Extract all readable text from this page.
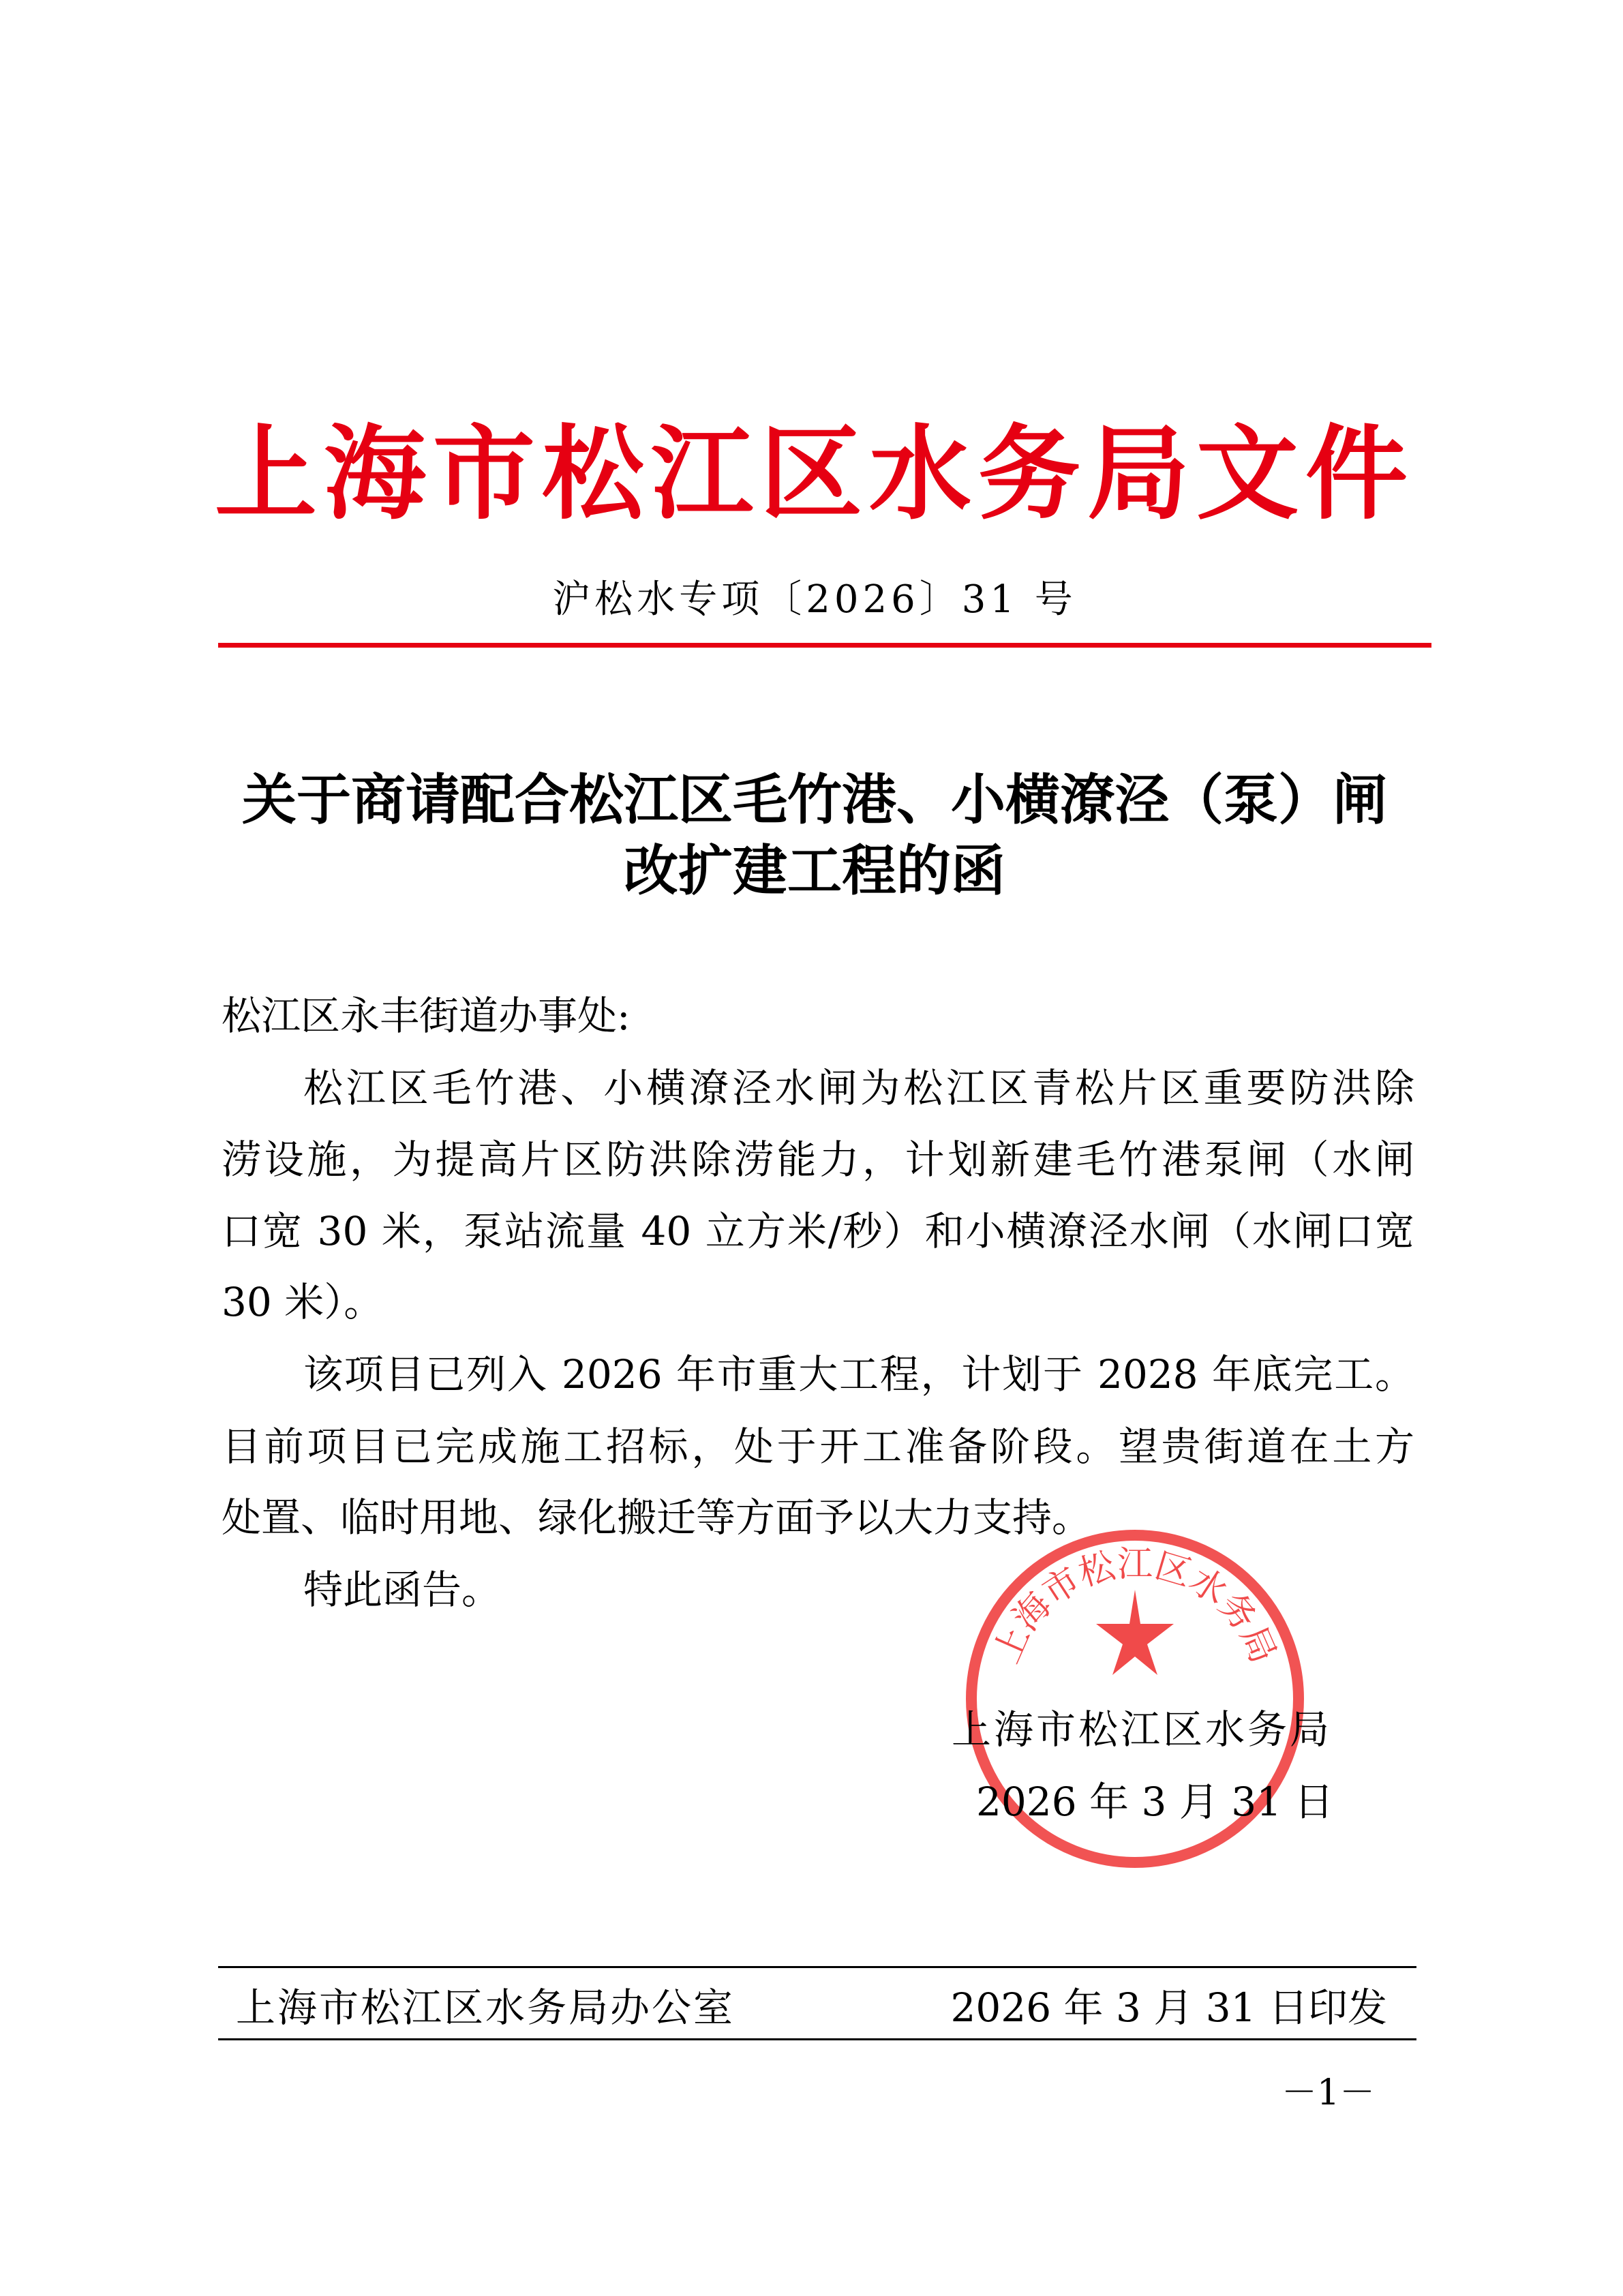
上海市松江区水务局文件
沪松水专项〔2026〕31 号
关于商请配合松江区毛竹港、小横潦泾（泵）闸
改扩建工程的函
松江区永丰街道办事处:
松江区毛竹港、小横潦泾水闸为松江区青松片区重要防洪除
涝设施，为提高片区防洪除涝能力，计划新建毛竹港泵闸（水闸
口宽 30 米，泵站流量 40 立方米/秒）和小横潦泾水闸（水闸口宽
30 米）。
该项目已列入 2026 年市重大工程，计划于 2028 年底完工。
目前项目已完成施工招标，处于开工准备阶段。望贵街道在土方
处置、临时用地、绿化搬迁等方面予以大力支持。
特此函告。
上海市松江区水务局
上海市松江区水务局
2026 年 3 月 31 日
上海市松江区水务局办公室	2026 年 3 月 31 日印发
－1－
